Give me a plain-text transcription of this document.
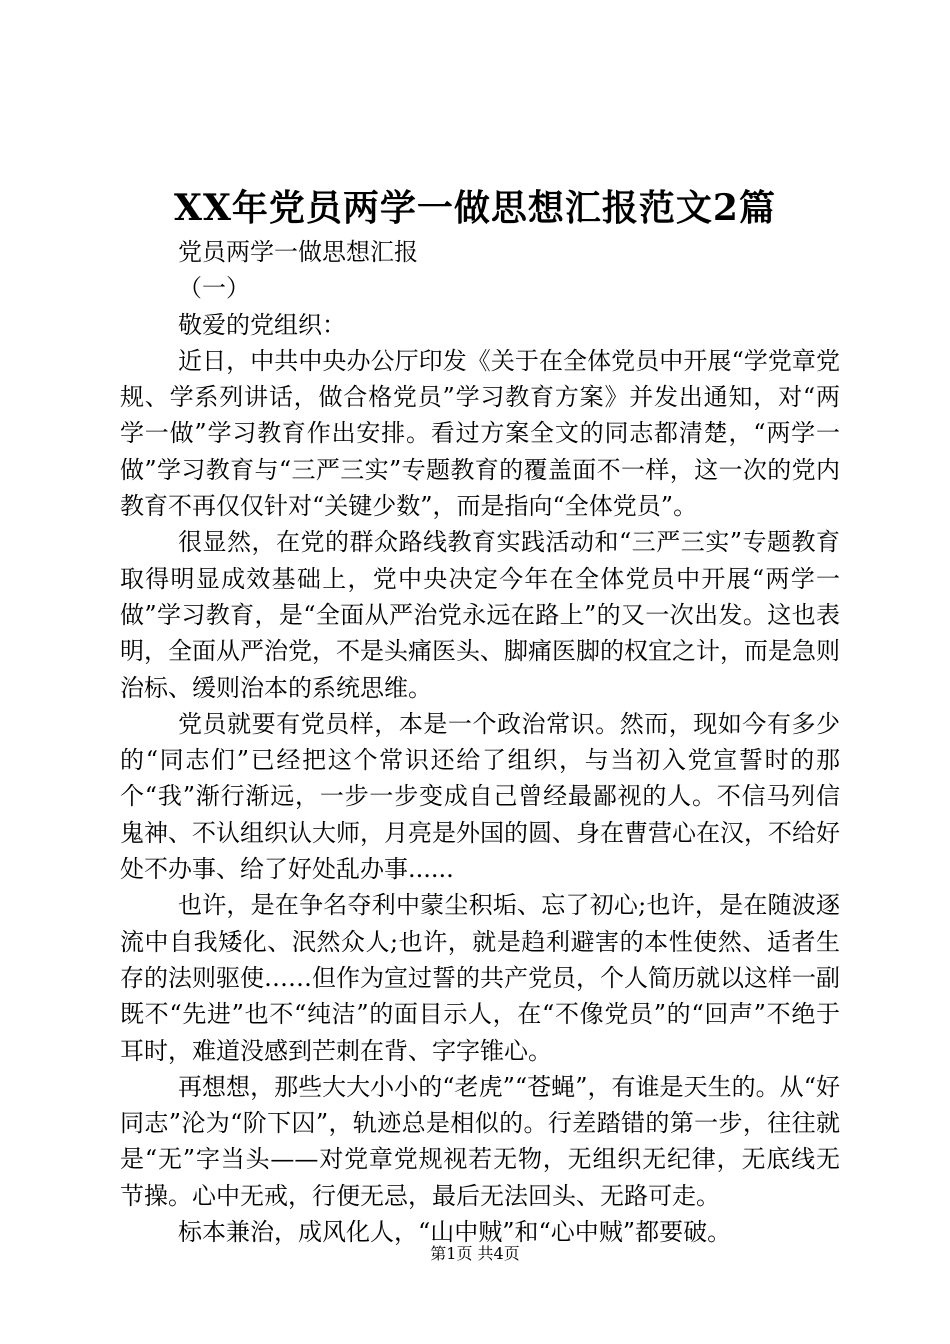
XX年党员两学一做思想汇报范文2篇

党员两学一做思想汇报

（一）

敬爱的党组织：

近日，中共中央办公厅印发《关于在全体党员中开展“学党章党规、学系列讲话，做合格党员”学习教育方案》并发出通知，对“两学一做”学习教育作出安排。看过方案全文的同志都清楚，“两学一做”学习教育与“三严三实”专题教育的覆盖面不一样，这一次的党内教育不再仅仅针对“关键少数”，而是指向“全体党员”。

很显然，在党的群众路线教育实践活动和“三严三实”专题教育取得明显成效基础上，党中央决定今年在全体党员中开展“两学一做”学习教育，是“全面从严治党永远在路上”的又一次出发。这也表明，全面从严治党，不是头痛医头、脚痛医脚的权宜之计，而是急则治标、缓则治本的系统思维。

党员就要有党员样，本是一个政治常识。然而，现如今有多少的“同志们”已经把这个常识还给了组织，与当初入党宣誓时的那个“我”渐行渐远，一步一步变成自己曾经最鄙视的人。不信马列信鬼神、不认组织认大师，月亮是外国的圆、身在曹营心在汉，不给好处不办事、给了好处乱办事......

也许，是在争名夺利中蒙尘积垢、忘了初心;也许，是在随波逐流中自我矮化、泯然众人;也许，就是趋利避害的本性使然、适者生存的法则驱使……但作为宣过誓的共产党员，个人简历就以这样一副既不“先进”也不“纯洁”的面目示人，在“不像党员”的“回声”不绝于耳时，难道没感到芒刺在背、字字锥心。

再想想，那些大大小小的“老虎”“苍蝇”，有谁是天生的。从“好同志”沦为“阶下囚”，轨迹总是相似的。行差踏错的第一步，往往就是“无”字当头——对党章党规视若无物，无组织无纪律，无底线无节操。心中无戒，行便无忌，最后无法回头、无路可走。

标本兼治，成风化人，“山中贼”和“心中贼”都要破。

第1页 共4页
